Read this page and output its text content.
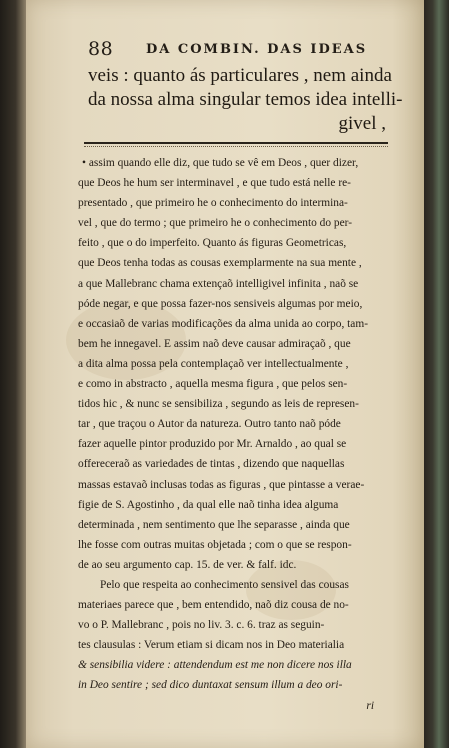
88	DA COMBIN. DAS IDEAS
veis : quanto ás particulares , nem ainda
da nossa alma singular temos idea intelli-
givel ,
• assim quando elle diz, que tudo se vê em Deos , quer dizer,
que Deos he hum ser interminavel , e que tudo está nelle re-
presentado , que primeiro he o conhecimento do intermina-
vel , que do termo ; que primeiro he o conhecimento do per-
feito , que o do imperfeito. Quanto ás figuras Geometricas,
que Deos tenha todas as cousas exemplarmente na sua mente ,
a que Mallebranc chama extençaõ intelligivel infinita , naõ se
póde negar, e que possa fazer-nos sensiveis algumas por meio,
e occasiaõ de varias modificações da alma unida ao corpo, tam-
bem he innegavel. E assim naõ deve causar admiraçaõ , que
a dita alma possa pela contemplaçaõ ver intellectualmente ,
e como in abstracto , aquella mesma figura , que pelos sen-
tidos hic , & nunc se sensibiliza , segundo as leis de represen-
tar , que traçou o Autor da natureza. Outro tanto naõ póde
fazer aquelle pintor produzido por Mr. Arnaldo , ao qual se
offereceraõ as variedades de tintas , dizendo que naquellas
massas estavaõ inclusas todas as figuras , que pintasse a verae-
figie de S. Agostinho , da qual elle naõ tinha idea alguma
determinada , nem sentimento que lhe separasse , ainda que
lhe fosse com outras muitas objetada ; com o que se respon-
de ao seu argumento cap. 15. de ver. & falf. idc.
Pelo que respeita ao conhecimento sensivel das cousas
materiaes parece que , bem entendido, naõ diz cousa de no-
vo o P. Mallebranc , pois no liv. 3. c. 6. traz as seguin-
tes clausulas : Verum etiam si dicam nos in Deo materialia
& sensibilia videre : attendendum est me non dicere nos illa
in Deo sentire ; sed dico duntaxat sensum illum a deo ori-
ri
